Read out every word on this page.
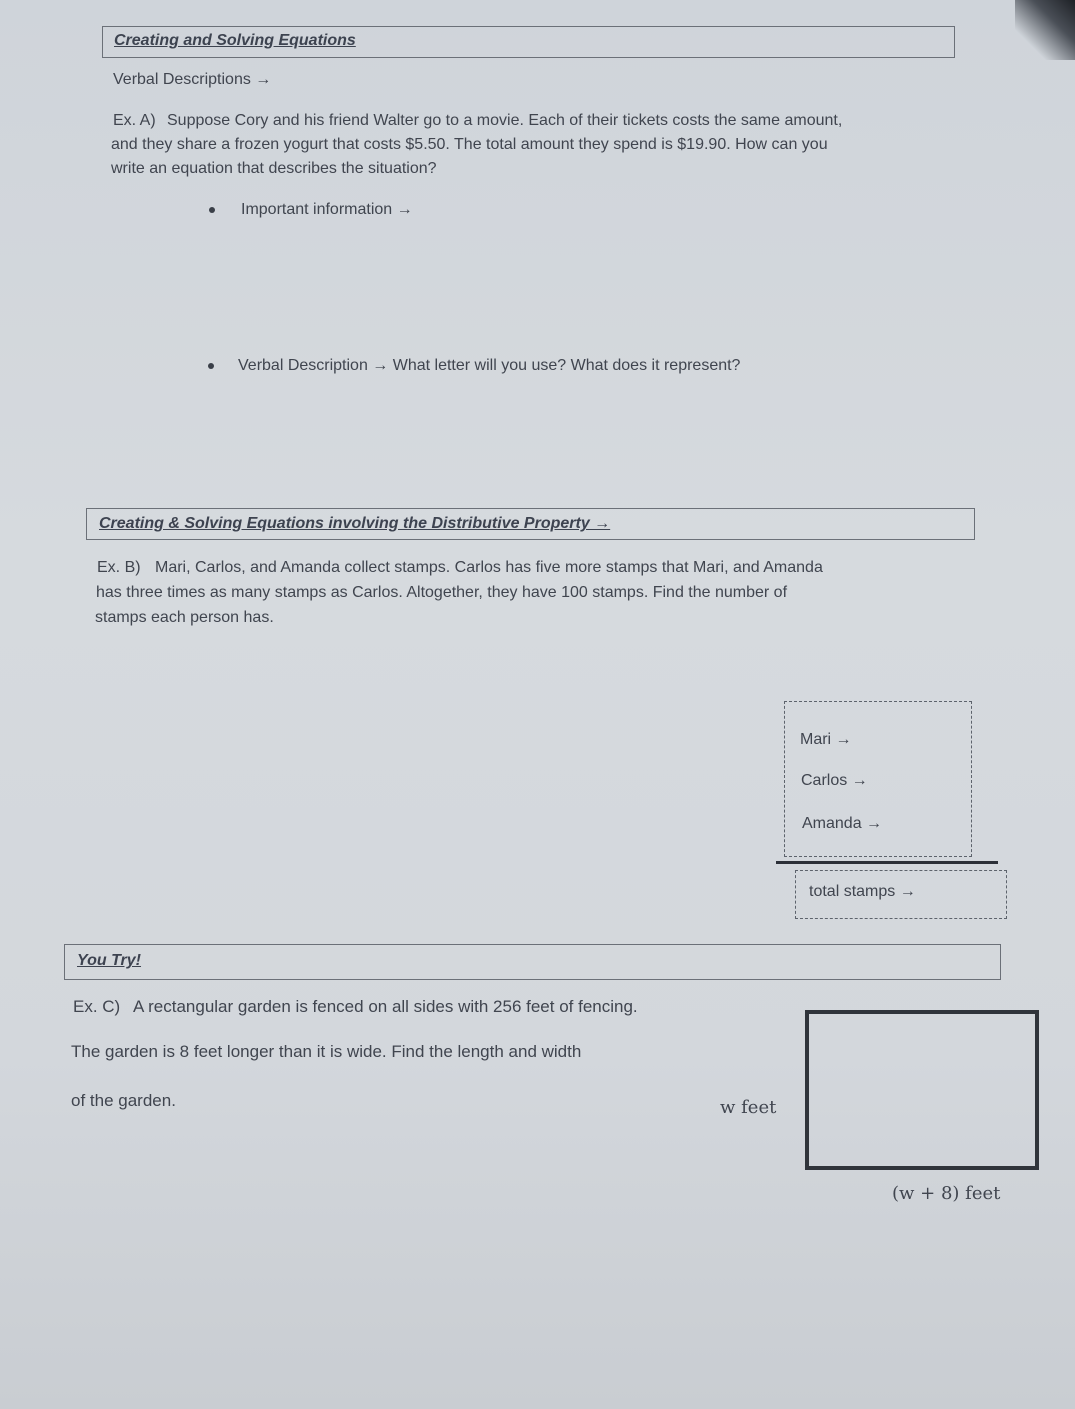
Creating and Solving Equations
Verbal Descriptions →
Ex. A) Suppose Cory and his friend Walter go to a movie. Each of their tickets costs the same amount,
and they share a frozen yogurt that costs $5.50. The total amount they spend is $19.90. How can you
write an equation that describes the situation?
Important information →
Verbal Description → What letter will you use? What does it represent?
Creating & Solving Equations involving the Distributive Property →
Ex. B) Mari, Carlos, and Amanda collect stamps. Carlos has five more stamps that Mari, and Amanda
has three times as many stamps as Carlos. Altogether, they have 100 stamps. Find the number of
stamps each person has.
Mari →
Carlos →
Amanda →
total stamps →
You Try!
Ex. C) A rectangular garden is fenced on all sides with 256 feet of fencing.
The garden is 8 feet longer than it is wide. Find the length and width
of the garden.	w feet
(w + 8) feet
